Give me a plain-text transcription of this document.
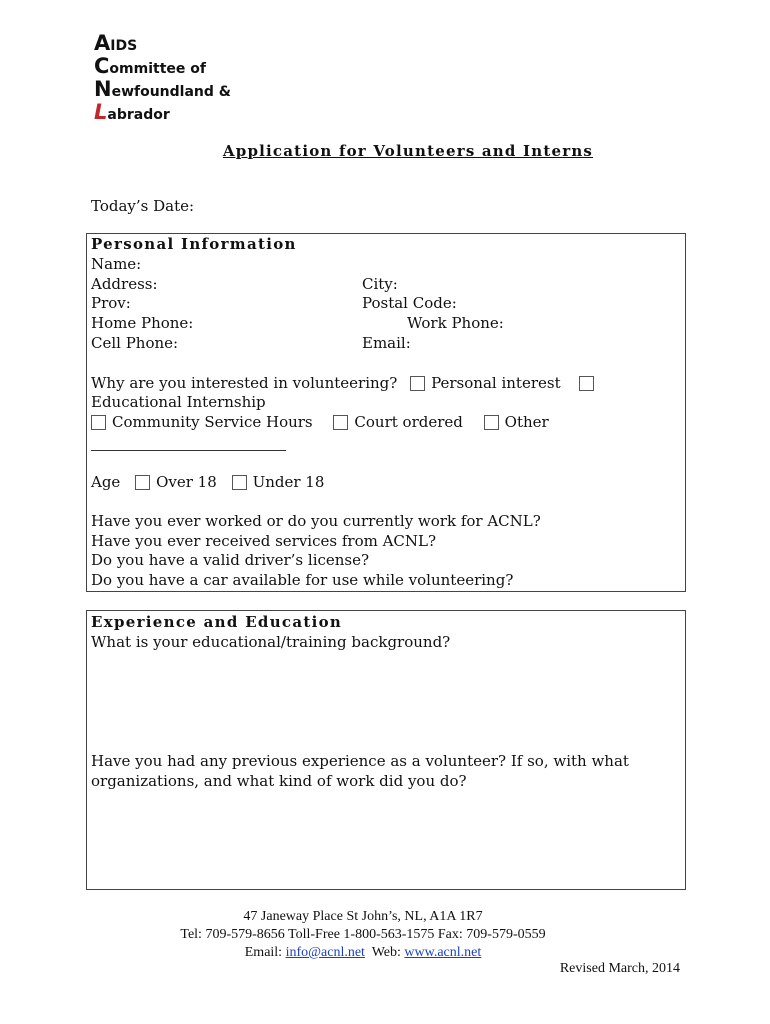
AIDS
Committee of
Newfoundland &
Labrador
Application for Volunteers and Interns
Today’s Date:
Personal Information
Name:
Address:	City:
Prov:	Postal Code:
Home Phone:	Work Phone:
Cell Phone:	Email:
Why are you interested in volunteering? Personal interest
Educational Internship
Community Service Hours	Court ordered	Other
Age Over 18 Under 18
Have you ever worked or do you currently work for ACNL?
Have you ever received services from ACNL?
Do you have a valid driver’s license?
Do you have a car available for use while volunteering?
Experience and Education
What is your educational/training background?
Have you had any previous experience as a volunteer? If so, with what
organizations, and what kind of work did you do?
47 Janeway Place St John’s, NL, A1A 1R7
Tel: 709-579-8656 Toll-Free 1-800-563-1575 Fax: 709-579-0559
Email: info@acnl.net Web: www.acnl.net
Revised March, 2014
